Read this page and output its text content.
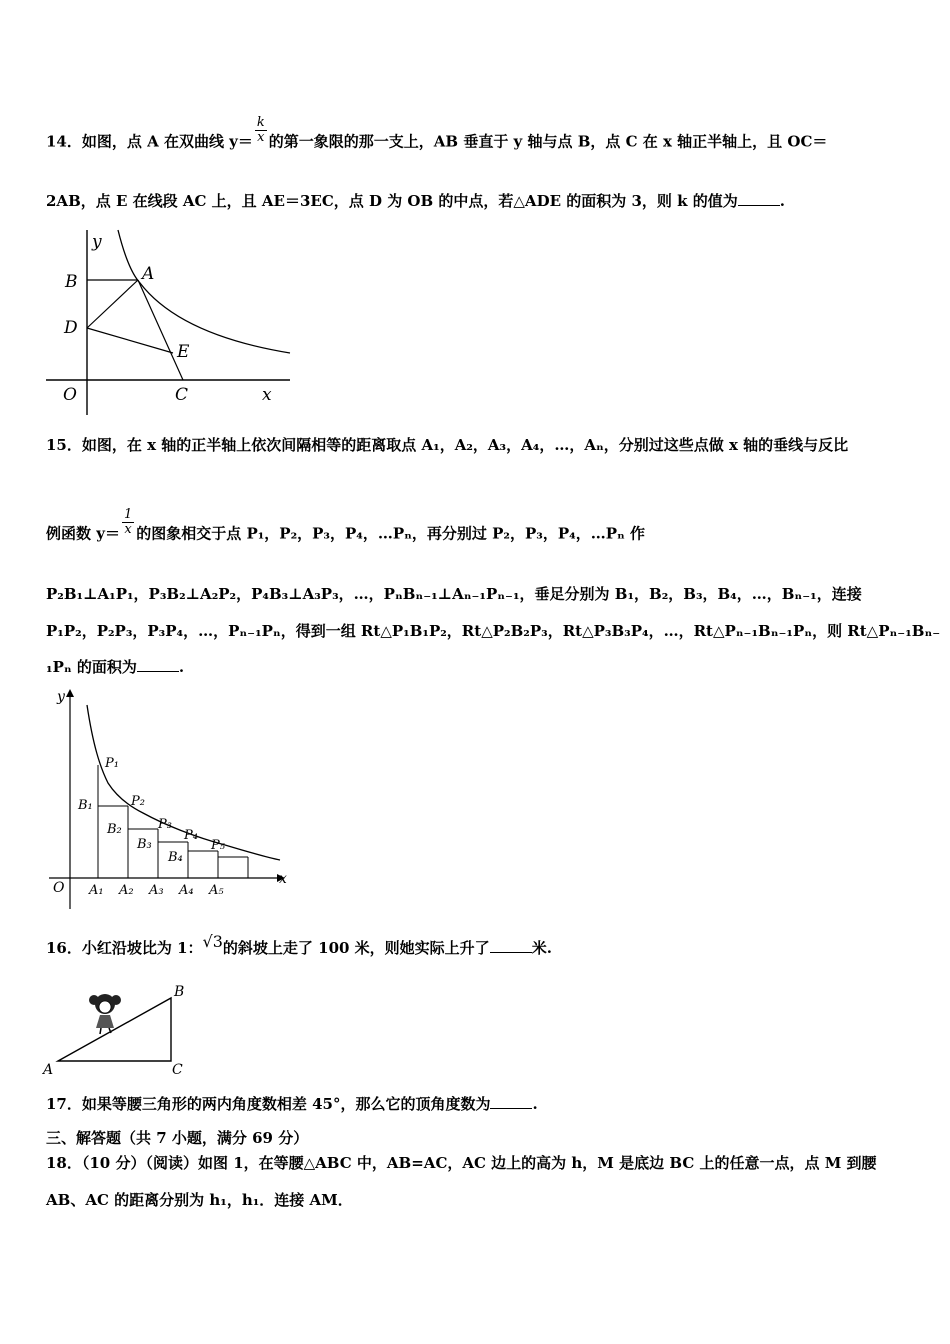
14．如图，点 A 在双曲线 $y= \frac{k}{x}$ 的第一象限的那一支上，AB 垂直于 y 轴与点 B，点 C 在 x 轴正半轴上，且 OC＝
2AB，点 E 在线段 AC 上，且 AE＝3EC，点 D 为 OB 的中点，若△ADE 的面积为 3，则 k 的值为	.
y
B	A
D
E
O	C	x
15．如图，在 x 轴的正半轴上依次间隔相等的距离取点 A₁，A₂，A₃，A₄，…，Aₙ，分别过这些点做 x 轴的垂线与反比
例函数 $y= \frac{1}{x}$ 的图象相交于点 P₁，P₂，P₃，P₄，…Pₙ，再分别过 P₂，P₃，P₄，…Pₙ 作
P₂B₁⊥A₁P₁，P₃B₂⊥A₂P₂，P₄B₃⊥A₃P₃，…，PₙBₙ₋₁⊥Aₙ₋₁Pₙ₋₁，垂足分别为 B₁，B₂，B₃，B₄，…，Bₙ₋₁，连接
P₁P₂，P₂P₃，P₃P₄，…，Pₙ₋₁Pₙ，得到一组 Rt△P₁B₁P₂，Rt△P₂B₂P₃，Rt△P₃B₃P₄，…，Rt△Pₙ₋₁Bₙ₋₁Pₙ，则 Rt△Pₙ₋₁Bₙ₋
₁Pₙ 的面积为	.
y
O
x
P₁
P₂
P₃
P₄
P₅
B₁
B₂
B₃
B₄
A₁ A₂ A₃ A₄ A₅
16．小红沿坡比为 1：√3的斜坡上走了 100 米，则她实际上升了	米.
A
B
C
17．如果等腰三角形的两内角度数相差 45°，那么它的顶角度数为	.
三、解答题（共 7 小题，满分 69 分）
18．（10 分）（阅读）如图 1，在等腰△ABC 中，AB=AC，AC 边上的高为 h，M 是底边 BC 上的任意一点，点 M 到腰
AB、AC 的距离分别为 h₁，h₁．连接 AM．
